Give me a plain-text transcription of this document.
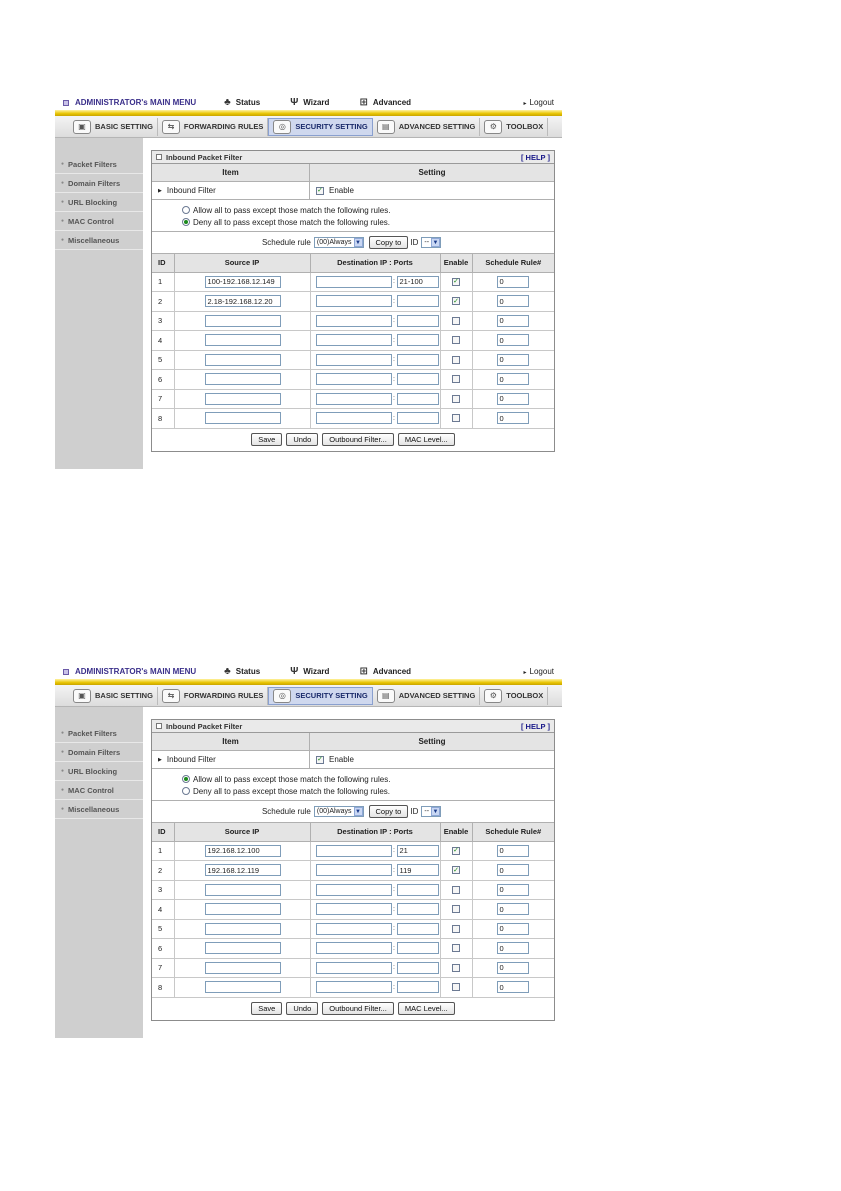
ADMINISTRATOR's MAIN MENU	♣ Status	Ψ Wizard	⊞ Advanced	▸ Logout
▣	BASIC SETTING	⇆	FORWARDING RULES	◎	SECURITY SETTING	▤	ADVANCED SETTING	⚙	TOOLBOX
● Packet Filters
● Domain Filters
● URL Blocking
● MAC Control
● Miscellaneous
Inbound Packet Filter	[ HELP ]
Item	Setting
▶ Inbound Filter	✓ Enable
Allow all to pass except those match the following rules.
Deny all to pass except those match the following rules.
Schedule rule (00)Always ▼	Copy to	ID -- ▼
ID	Source IP	Destination IP : Ports	Enable	Schedule Rule#
1	100-192.168.12.149	: 21-100	✓	0

2	2.18-192.168.12.20	:	✓	0

3		:		0

4		:		0

5		:		0

6		:		0

7		:		0

8		:		0
Save	Undo	Outbound Filter...	MAC Level...
ADMINISTRATOR's MAIN MENU	♣ Status	Ψ Wizard	⊞ Advanced	▸ Logout
▣	BASIC SETTING	⇆	FORWARDING RULES	◎	SECURITY SETTING	▤	ADVANCED SETTING	⚙	TOOLBOX
● Packet Filters
● Domain Filters
● URL Blocking
● MAC Control
● Miscellaneous
Inbound Packet Filter	[ HELP ]
Item	Setting
▶ Inbound Filter	✓ Enable
Allow all to pass except those match the following rules.
Deny all to pass except those match the following rules.
Schedule rule (00)Always ▼	Copy to	ID -- ▼
ID	Source IP	Destination IP : Ports	Enable	Schedule Rule#
1	192.168.12.100	: 21	✓	0

2	192.168.12.119	: 119	✓	0

3		:		0

4		:		0

5		:		0

6		:		0

7		:		0

8		:		0
Save	Undo	Outbound Filter...	MAC Level...
